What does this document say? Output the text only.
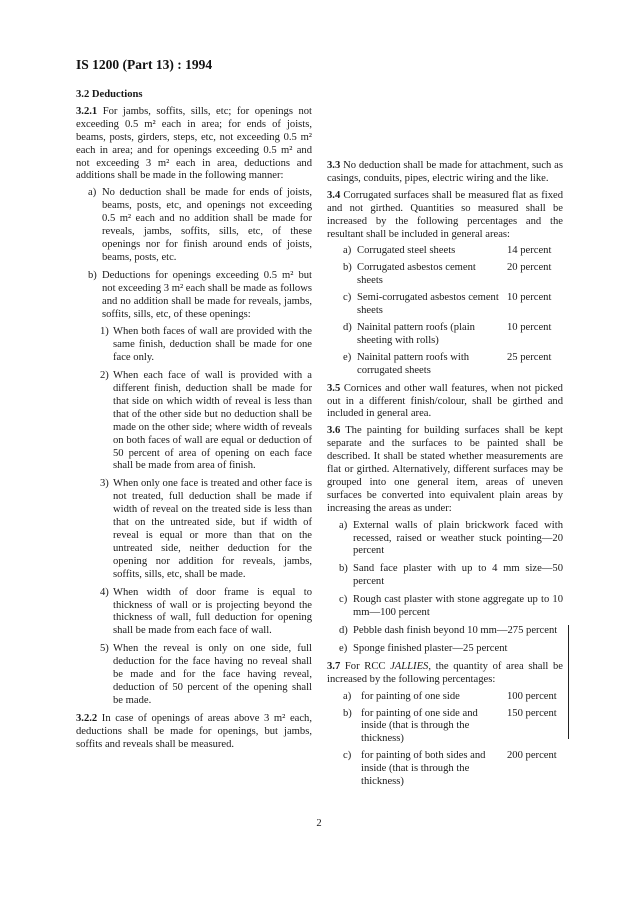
IS 1200 (Part 13) : 1994

3.2 Deductions

3.2.1 For jambs, soffits, sills, etc; for openings not exceeding 0.5 m² each in area; for ends of joists, beams, posts, girders, steps, etc, not exceeding 0.5 m² each in area; and for openings exceeding 0.5 m² and not exceeding 3 m² each in area, deductions and additions shall be made in the following manner:

a) No deduction shall be made for ends of joists, beams, posts, etc, and openings not exceeding 0.5 m² each and no addition shall be made for reveals, jambs, soffits, sills, etc, of these openings nor for finish around ends of joists, beams, posts, etc.
b) Deductions for openings exceeding 0.5 m² but not exceeding 3 m² each shall be made as follows and no addition shall be made for reveals, jambs, soffits, sills, etc, of these openings:
1) When both faces of wall are provided with the same finish, deduction shall be made for one face only.
2) When each face of wall is provided with a different finish, deduction shall be made for that side on which width of reveal is less than that of the other side but no deduction shall be made on the other side; where width of reveals on both faces of wall are equal or deduction of 50 percent of area of opening on each face shall be made from area of finish.
3) When only one face is treated and other face is not treated, full deduction shall be made if width of reveal on the treated side is less than that on the untreated side, but if width of reveal is equal or more than that on the untreated side, neither deduction for the opening nor addition for reveals, jambs, soffits, sills, etc, shall be made.
4) When width of door frame is equal to thickness of wall or is projecting beyond the thickness of wall, full deduction for opening shall be made from each face of wall.
5) When the reveal is only on one side, full deduction for the face having no reveal shall be made and for the face having reveal, deduction of 50 percent of the opening shall be made.

3.2.2 In case of openings of areas above 3 m² each, deductions shall be made for openings, but jambs, soffits and reveals shall be measured.

3.3 No deduction shall be made for attachment, such as casings, conduits, pipes, electric wiring and the like.

3.4 Corrugated surfaces shall be measured flat as fixed and not girthed. Quantities so measured shall be increased by the following percentages and the resultant shall be included in general areas:

a) Corrugated steel sheets	14 percent
b) Corrugated asbestos cement sheets
20 percent
c) Semi-corrugated asbestos cement sheets
10 percent
d) Nainital pattern roofs (plain sheeting with rolls)
10 percent
e) Nainital pattern roofs with corrugated sheets
25 percent

3.5 Cornices and other wall features, when not picked out in a different finish/colour, shall be girthed and included in general area.

3.6 The painting for building surfaces shall be kept separate and the surfaces to be painted shall be described. It shall be stated whether measurements are flat or girthed. Alternatively, different surfaces may be grouped into one general item, areas of uneven surfaces be converted into equivalent plain areas by increasing the areas as under:

a) External walls of plain brickwork faced with recessed, raised or weather stuck pointing—20 percent
b) Sand face plaster with up to 4 mm size—50 percent
c) Rough cast plaster with stone aggregate up to 10 mm—100 percent
d) Pebble dash finish beyond 10 mm—275 percent
e) Sponge finished plaster—25 percent

3.7 For RCC JALLIES, the quantity of area shall be increased by the following percentages:

a) for painting of one side	100 percent
b) for painting of one side and inside (that is through the thickness)
150 percent
c) for painting of both sides and inside (that is through the thickness)
200 percent
2
